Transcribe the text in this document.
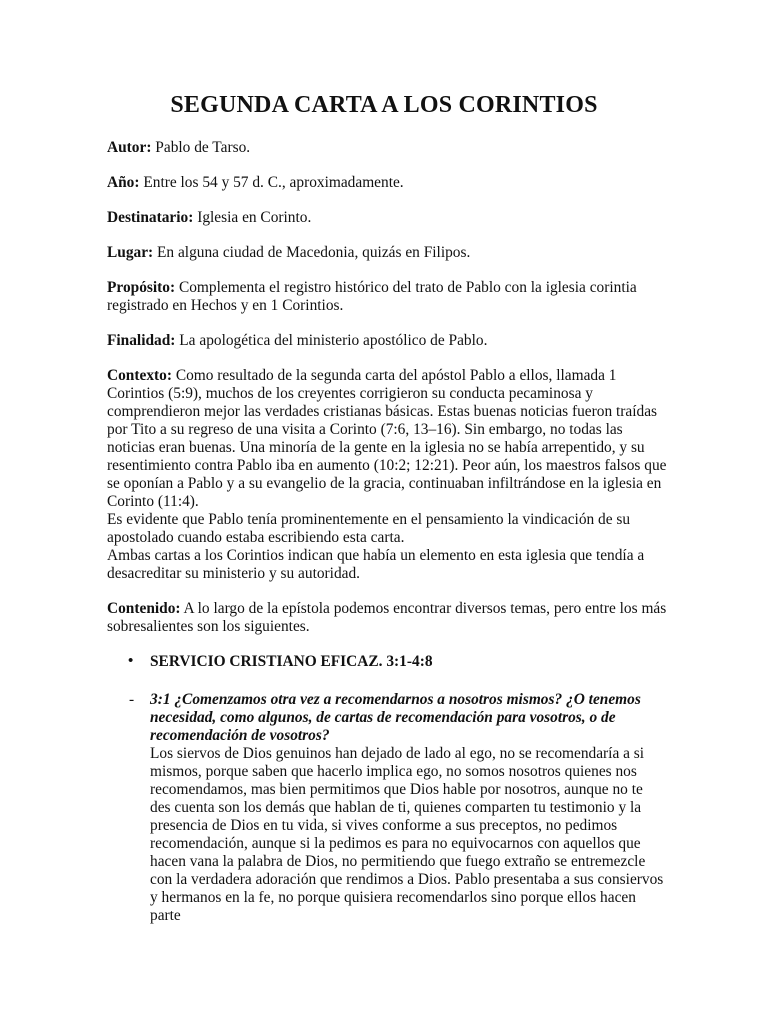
SEGUNDA CARTA A LOS CORINTIOS

Autor: Pablo de Tarso.

Año: Entre los 54 y 57 d. C., aproximadamente.

Destinatario: Iglesia en Corinto.

Lugar: En alguna ciudad de Macedonia, quizás en Filipos.

Propósito: Complementa el registro histórico del trato de Pablo con la iglesia corintia registrado en Hechos y en 1 Corintios.

Finalidad: La apologética del ministerio apostólico de Pablo.

Contexto: Como resultado de la segunda carta del apóstol Pablo a ellos, llamada 1 Corintios (5:9), muchos de los creyentes corrigieron su conducta pecaminosa y comprendieron mejor las verdades cristianas básicas. Estas buenas noticias fueron traídas por Tito a su regreso de una visita a Corinto (7:6, 13–16). Sin embargo, no todas las noticias eran buenas. Una minoría de la gente en la iglesia no se había arrepentido, y su resentimiento contra Pablo iba en aumento (10:2; 12:21). Peor aún, los maestros falsos que se oponían a Pablo y a su evangelio de la gracia, continuaban infiltrándose en la iglesia en Corinto (11:4).

Es evidente que Pablo tenía prominentemente en el pensamiento la vindicación de su apostolado cuando estaba escribiendo esta carta.

Ambas cartas a los Corintios indican que había un elemento en esta iglesia que tendía a desacreditar su ministerio y su autoridad.

Contenido: A lo largo de la epístola podemos encontrar diversos temas, pero entre los más sobresalientes son los siguientes.

• SERVICIO CRISTIANO EFICAZ. 3:1-4:8
- 3:1 ¿Comenzamos otra vez a recomendarnos a nosotros mismos? ¿O tenemos necesidad, como algunos, de cartas de recomendación para vosotros, o de recomendación de vosotros?
Los siervos de Dios genuinos han dejado de lado al ego, no se recomendaría a si mismos, porque saben que hacerlo implica ego, no somos nosotros quienes nos recomendamos, mas bien permitimos que Dios hable por nosotros, aunque no te des cuenta son los demás que hablan de ti, quienes comparten tu testimonio y la presencia de Dios en tu vida, si vives conforme a sus preceptos, no pedimos recomendación, aunque si la pedimos es para no equivocarnos con aquellos que hacen vana la palabra de Dios, no permitiendo que fuego extraño se entremezcle con la verdadera adoración que rendimos a Dios. Pablo presentaba a sus consiervos y hermanos en la fe, no porque quisiera recomendarlos sino porque ellos hacen parte
